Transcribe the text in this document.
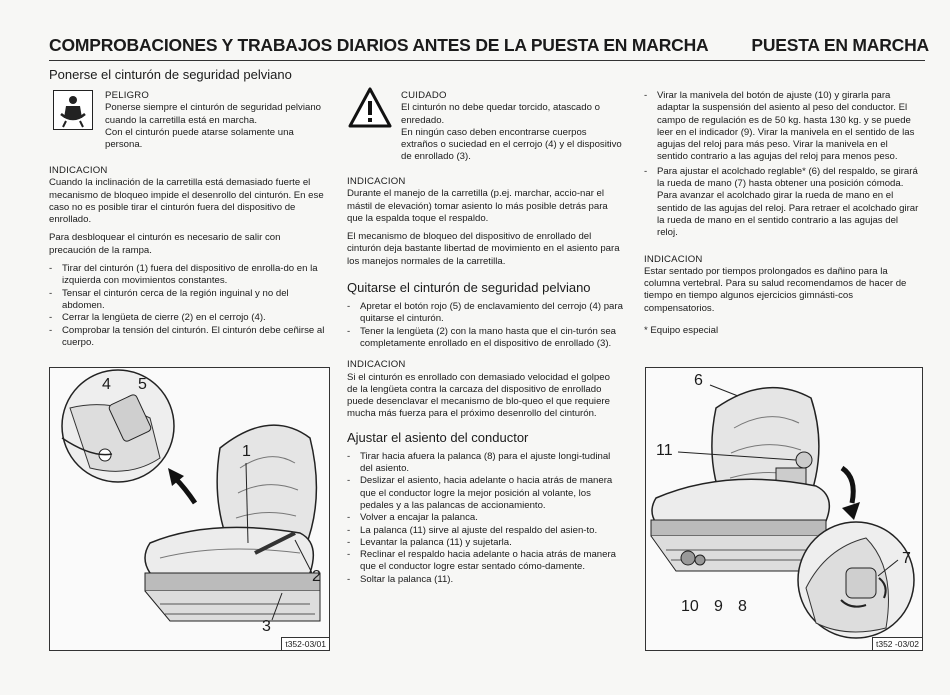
COMPROBACIONES Y TRABAJOS DIARIOS ANTES DE LA PUESTA EN MARCHA PUESTA EN MARCHA
Ponerse el cinturón de seguridad pelviano
PELIGRO
Ponerse siempre el cinturón de seguridad pelviano cuando la carretilla está en marcha.
Con el cinturón puede atarse solamente una persona.
INDICACION

Cuando la inclinación de la carretilla está demasiado fuerte el mecanismo de bloqueo impide el desenrollo del cinturón. En ese caso no es posible tirar el cinturón fuera del dispositivo de enrollado.

Para desbloquear el cinturón es necesario de salir con precaución de la rampa.

- Tirar del cinturón (1) fuera del dispositivo de enrolla-do en la izquierda con movimientos constantes.
- Tensar el cinturón cerca de la región inguinal y no del abdomen.
- Cerrar la lengüeta de cierre (2) en el cerrojo (4).
- Comprobar la tensión del cinturón. El cinturón debe ceñirse al cuerpo.
4 5
1
2
3
t352-03/01
CUIDADO
El cinturón no debe quedar torcido, atascado o enredado.
En ningún caso deben encontrarse cuerpos extraños o suciedad en el cerrojo (4) y el dispositivo de enrollado (3).
INDICACION

Durante el manejo de la carretilla (p.ej. marchar, accio-nar el mástil de elevación) tomar asiento lo más posible detrás para que la espalda toque el respaldo.

El mecanismo de bloqueo del dispositivo de enrollado del cinturón deja bastante libertad de movimiento en el asiento para los manejos normales de la carretilla.

Quitarse el cinturón de seguridad pelviano
- Apretar el botón rojo (5) de enclavamiento del cerrojo (4) para quitarse el cinturón.
- Tener la lengüeta (2) con la mano hasta que el cin-turón sea completamente enrollado en el dispositivo de enrollado (3).
INDICACION

Si el cinturón es enrollado con demasiado velocidad el golpeo de la lengüeta contra la carcaza del dispositivo de enrollado puede desenclavar el mecanismo de blo-queo el que requiere mucha más fuerza para el próximo desenrollo del cinturón.

Ajustar el asiento del conductor
- Tirar hacia afuera la palanca (8) para el ajuste longi-tudinal del asiento.
- Deslizar el asiento, hacia adelante o hacia atrás de manera que el conductor logre la mejor posición al volante, los pedales y a las palancas de accionamiento.
- Volver a encajar la palanca.
- La palanca (11) sirve al ajuste del respaldo del asien-to.
- Levantar la palanca (11) y sujetarla.
- Reclinar el respaldo hacia adelante o hacia atrás de manera que el conductor logre estar sentado cómo-damente.
- Soltar la palanca (11).
- Virar la manivela del botón de ajuste (10) y girarla para adaptar la suspensión del asiento al peso del conductor. El campo de regulación es de 50 kg. hasta 130 kg. y se puede leer en el indicador (9). Virar la manivela en el sentido de las agujas del reloj para más peso. Virar la manivela en el sentido contrario a las agujas del reloj para menos peso.
- Para ajustar el acolchado reglable* (6) del respaldo, se girará la rueda de mano (7) hasta obtener una posición cómoda. Para avanzar el acolchado girar la rueda de mano en el sentido de las agujas del reloj. Para retraer el acolchado girar la rueda de mano en el sentido contrario a las agujas del reloj.
INDICACION

Estar sentado por tiempos prolongados es dañino para la columna vertebral. Para su salud recomendamos de hacer de tiempo en tiempo algunos ejercicios gimnásti-cos compensatorios.

* Equipo especial

6
11
7
10 9 8
t352 -03/02
